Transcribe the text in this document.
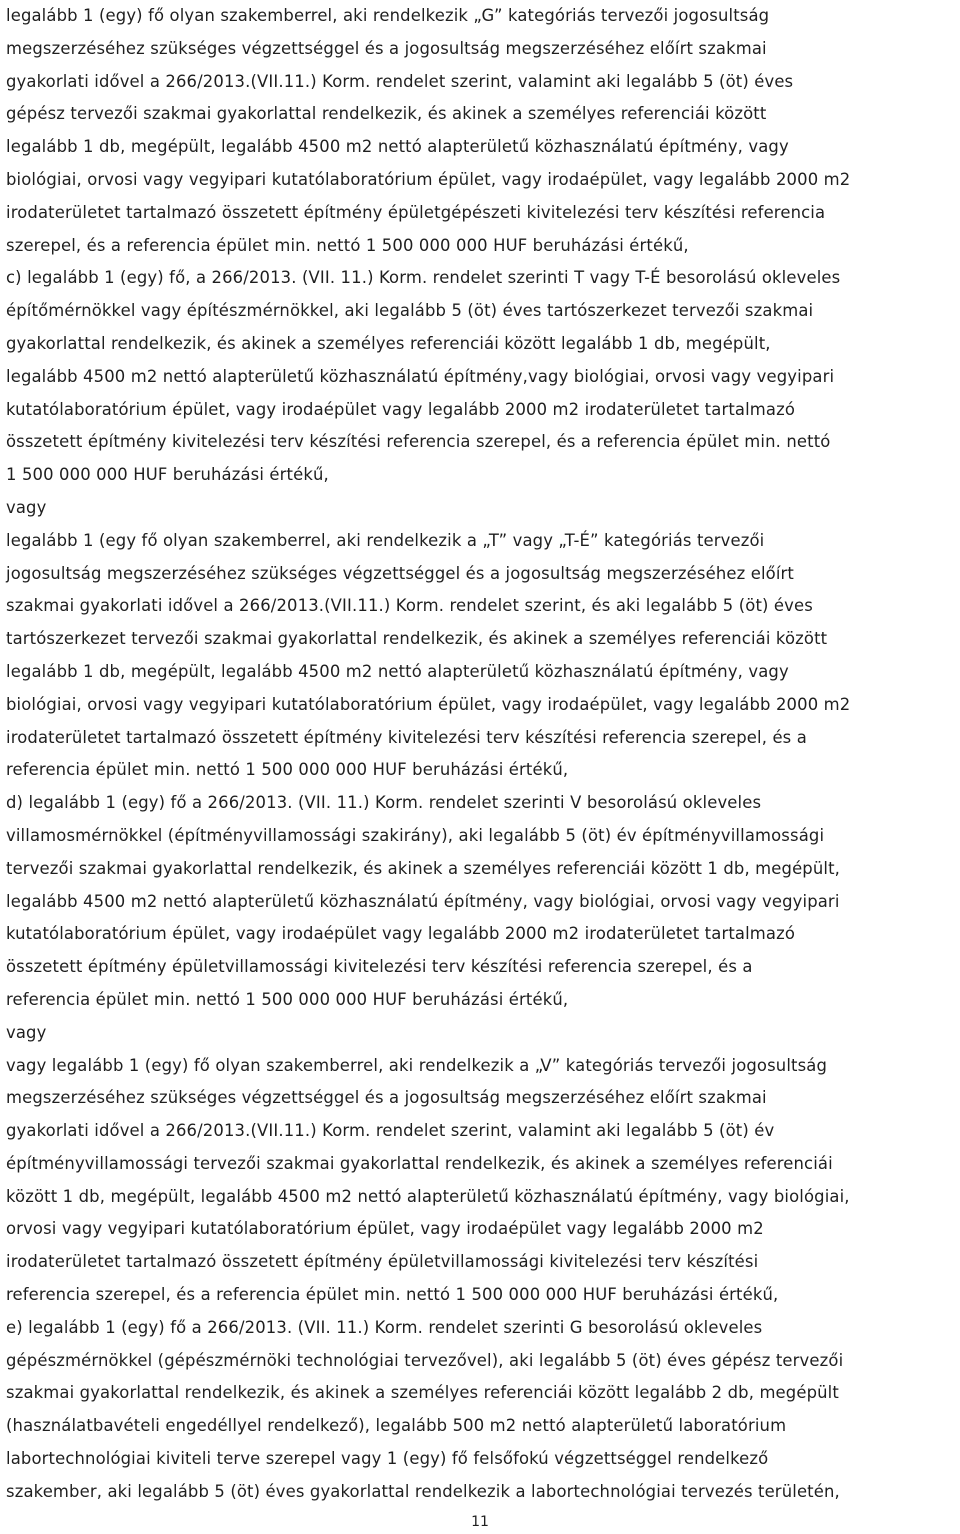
legalább 1 (egy) fő olyan szakemberrel, aki rendelkezik „G” kategóriás tervezői jogosultság
megszerzéséhez szükséges végzettséggel és a jogosultság megszerzéséhez előírt szakmai
gyakorlati idővel a 266/2013.(VII.11.) Korm. rendelet szerint, valamint aki legalább 5 (öt) éves
gépész tervezői szakmai gyakorlattal rendelkezik, és akinek a személyes referenciái között
legalább 1 db, megépült, legalább 4500 m2 nettó alapterületű közhasználatú építmény, vagy
biológiai, orvosi vagy vegyipari kutatólaboratórium épület, vagy irodaépület, vagy legalább 2000 m2
irodaterületet tartalmazó összetett építmény épületgépészeti kivitelezési terv készítési referencia
szerepel, és a referencia épület min. nettó 1 500 000 000 HUF beruházási értékű,
c) legalább 1 (egy) fő, a 266/2013. (VII. 11.) Korm. rendelet szerinti T vagy T-É besorolású okleveles
építőmérnökkel vagy építészmérnökkel, aki legalább 5 (öt) éves tartószerkezet tervezői szakmai
gyakorlattal rendelkezik, és akinek a személyes referenciái között legalább 1 db, megépült,
legalább 4500 m2 nettó alapterületű közhasználatú építmény,vagy biológiai, orvosi vagy vegyipari
kutatólaboratórium épület, vagy irodaépület vagy legalább 2000 m2 irodaterületet tartalmazó
összetett építmény kivitelezési terv készítési referencia szerepel, és a referencia épület min. nettó
1 500 000 000 HUF beruházási értékű,
vagy
legalább 1 (egy fő olyan szakemberrel, aki rendelkezik a „T” vagy „T-É” kategóriás tervezői
jogosultság megszerzéséhez szükséges végzettséggel és a jogosultság megszerzéséhez előírt
szakmai gyakorlati idővel a 266/2013.(VII.11.) Korm. rendelet szerint, és aki legalább 5 (öt) éves
tartószerkezet tervezői szakmai gyakorlattal rendelkezik, és akinek a személyes referenciái között
legalább 1 db, megépült, legalább 4500 m2 nettó alapterületű közhasználatú építmény, vagy
biológiai, orvosi vagy vegyipari kutatólaboratórium épület, vagy irodaépület, vagy legalább 2000 m2
irodaterületet tartalmazó összetett építmény kivitelezési terv készítési referencia szerepel, és a
referencia épület min. nettó 1 500 000 000 HUF beruházási értékű,
d) legalább 1 (egy) fő a 266/2013. (VII. 11.) Korm. rendelet szerinti V besorolású okleveles
villamosmérnökkel (építményvillamossági szakirány), aki legalább 5 (öt) év építményvillamossági
tervezői szakmai gyakorlattal rendelkezik, és akinek a személyes referenciái között 1 db, megépült,
legalább 4500 m2 nettó alapterületű közhasználatú építmény, vagy biológiai, orvosi vagy vegyipari
kutatólaboratórium épület, vagy irodaépület vagy legalább 2000 m2 irodaterületet tartalmazó
összetett építmény épületvillamossági kivitelezési terv készítési referencia szerepel, és a
referencia épület min. nettó 1 500 000 000 HUF beruházási értékű,
vagy
vagy legalább 1 (egy) fő olyan szakemberrel, aki rendelkezik a „V” kategóriás tervezői jogosultság
megszerzéséhez szükséges végzettséggel és a jogosultság megszerzéséhez előírt szakmai
gyakorlati idővel a 266/2013.(VII.11.) Korm. rendelet szerint, valamint aki legalább 5 (öt) év
építményvillamossági tervezői szakmai gyakorlattal rendelkezik, és akinek a személyes referenciái
között 1 db, megépült, legalább 4500 m2 nettó alapterületű közhasználatú építmény, vagy biológiai,
orvosi vagy vegyipari kutatólaboratórium épület, vagy irodaépület vagy legalább 2000 m2
irodaterületet tartalmazó összetett építmény épületvillamossági kivitelezési terv készítési
referencia szerepel, és a referencia épület min. nettó 1 500 000 000 HUF beruházási értékű,
e) legalább 1 (egy) fő a 266/2013. (VII. 11.) Korm. rendelet szerinti G besorolású okleveles
gépészmérnökkel (gépészmérnöki technológiai tervezővel), aki legalább 5 (öt) éves gépész tervezői
szakmai gyakorlattal rendelkezik, és akinek a személyes referenciái között legalább 2 db, megépült
(használatbavételi engedéllyel rendelkező), legalább 500 m2 nettó alapterületű laboratórium
labortechnológiai kiviteli terve szerepel vagy 1 (egy) fő felsőfokú végzettséggel rendelkező
szakember, aki legalább 5 (öt) éves gyakorlattal rendelkezik a labortechnológiai tervezés területén,
11
